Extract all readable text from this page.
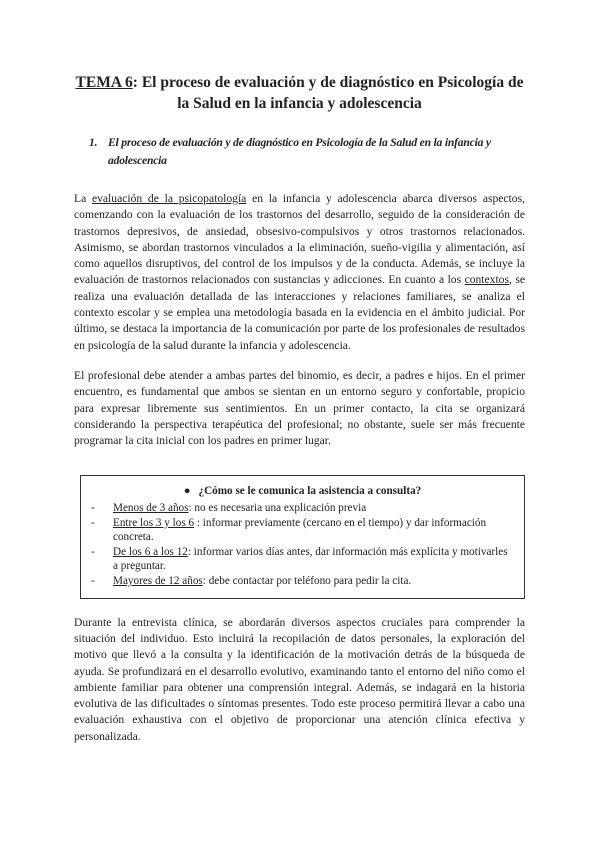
TEMA 6: El proceso de evaluación y de diagnóstico en Psicología de la Salud en la infancia y adolescencia
1. El proceso de evaluación y de diagnóstico en Psicología de la Salud en la infancia y adolescencia

La evaluación de la psicopatología en la infancia y adolescencia abarca diversos aspectos, comenzando con la evaluación de los trastornos del desarrollo, seguido de la consideración de trastornos depresivos, de ansiedad, obsesivo-compulsivos y otros trastornos relacionados. Asimismo, se abordan trastornos vinculados a la eliminación, sueño-vigilia y alimentación, así como aquellos disruptivos, del control de los impulsos y de la conducta. Además, se incluye la evaluación de trastornos relacionados con sustancias y adicciones. En cuanto a los contextos, se realiza una evaluación detallada de las interacciones y relaciones familiares, se analiza el contexto escolar y se emplea una metodología basada en la evidencia en el ámbito judicial. Por último, se destaca la importancia de la comunicación por parte de los profesionales de resultados en psicología de la salud durante la infancia y adolescencia.

El profesional debe atender a ambas partes del binomio, es decir, a padres e hijos. En el primer encuentro, es fundamental que ambos se sientan en un entorno seguro y confortable, propicio para expresar libremente sus sentimientos. En un primer contacto, la cita se organizará considerando la perspectiva terapéutica del profesional; no obstante, suele ser más frecuente programar la cita inicial con los padres en primer lugar.

● ¿Cómo se le comunica la asistencia a consulta?
-	Menos de 3 años: no es necesaria una explicación previa
-	Entre los 3 y los 6 : informar previamente (cercano en el tiempo) y dar información concreta.
-	De los 6 a los 12: informar varios días antes, dar información más explícita y motivarles a preguntar.
-	Mayores de 12 años: debe contactar por teléfono para pedir la cita.

Durante la entrevista clínica, se abordarán diversos aspectos cruciales para comprender la situación del individuo. Esto incluirá la recopilación de datos personales, la exploración del motivo que llevó a la consulta y la identificación de la motivación detrás de la búsqueda de ayuda. Se profundizará en el desarrollo evolutivo, examinando tanto el entorno del niño como el ambiente familiar para obtener una comprensión integral. Además, se indagará en la historia evolutiva de las dificultades o síntomas presentes. Todo este proceso permitirá llevar a cabo una evaluación exhaustiva con el objetivo de proporcionar una atención clínica efectiva y personalizada.
